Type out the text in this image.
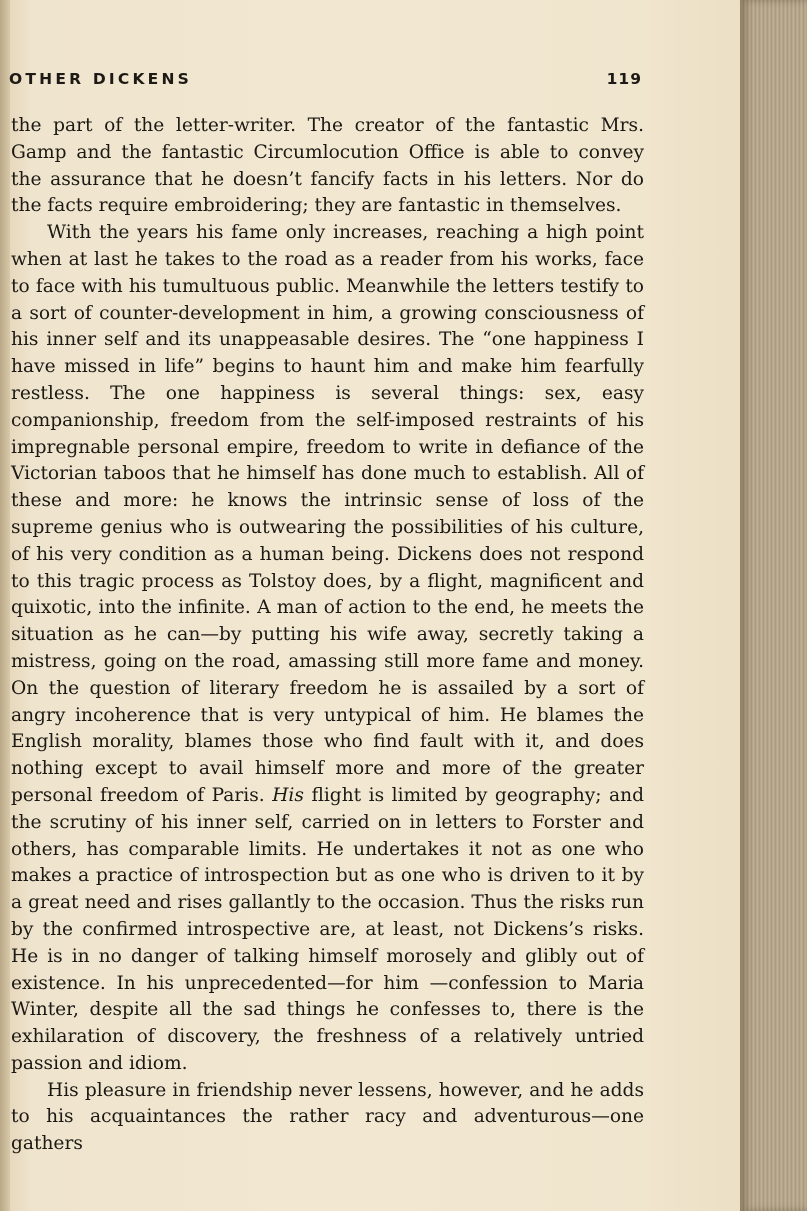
OTHER DICKENS	119

the part of the letter-writer. The creator of the fantastic Mrs. Gamp and the fantastic Circumlocution Office is able to convey the assurance that he doesn’t fancify facts in his letters. Nor do the facts require embroidering; they are fantastic in themselves.

With the years his fame only increases, reaching a high point when at last he takes to the road as a reader from his works, face to face with his tumultuous public. Meanwhile the letters testify to a sort of counter-development in him, a growing consciousness of his inner self and its unappeasable desires. The “one happiness I have missed in life” begins to haunt him and make him fearfully restless. The one happiness is several things: sex, easy companionship, freedom from the self-imposed restraints of his impregnable personal empire, freedom to write in defiance of the Victorian taboos that he himself has done much to establish. All of these and more: he knows the intrinsic sense of loss of the supreme genius who is outwearing the possibilities of his culture, of his very condition as a human being. Dickens does not respond to this tragic process as Tolstoy does, by a flight, magnificent and quixotic, into the infinite. A man of action to the end, he meets the situation as he can—by putting his wife away, secretly taking a mistress, going on the road, amassing still more fame and money. On the question of literary freedom he is assailed by a sort of angry incoherence that is very untypical of him. He blames the English morality, blames those who find fault with it, and does nothing except to avail himself more and more of the greater personal freedom of Paris. His flight is limited by geography; and the scrutiny of his inner self, carried on in letters to Forster and others, has comparable limits. He undertakes it not as one who makes a practice of introspection but as one who is driven to it by a great need and rises gallantly to the occasion. Thus the risks run by the confirmed introspective are, at least, not Dickens’s risks. He is in no danger of talking himself morosely and glibly out of existence. In his unprecedented—for him —confession to Maria Winter, despite all the sad things he confesses to, there is the exhilaration of discovery, the freshness of a relatively untried passion and idiom.

His pleasure in friendship never lessens, however, and he adds to his acquaintances the rather racy and adventurous—one gathers
